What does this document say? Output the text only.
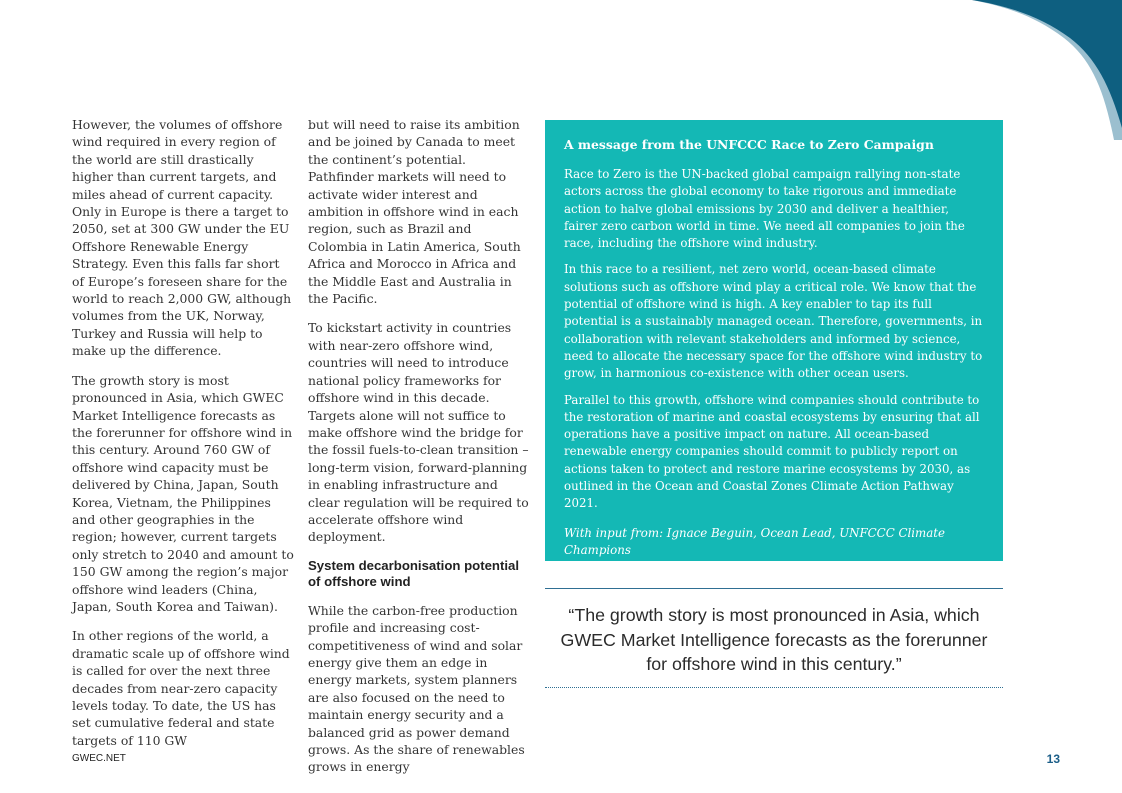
However, the volumes of offshore wind required in every region of the world are still drastically higher than current targets, and miles ahead of current capacity. Only in Europe is there a target to 2050, set at 300 GW under the EU Offshore Renewable Energy Strategy. Even this falls far short of Europe’s foreseen share for the world to reach 2,000 GW, although volumes from the UK, Norway, Turkey and Russia will help to make up the difference.

The growth story is most pronounced in Asia, which GWEC Market Intelligence forecasts as the forerunner for offshore wind in this century. Around 760 GW of offshore wind capacity must be delivered by China, Japan, South Korea, Vietnam, the Philippines and other geographies in the region; however, current targets only stretch to 2040 and amount to 150 GW among the region’s major offshore wind leaders (China, Japan, South Korea and Taiwan).

In other regions of the world, a dramatic scale up of offshore wind is called for over the next three decades from near-zero capacity levels today. To date, the US has set cumulative federal and state targets of 110 GW

but will need to raise its ambition and be joined by Canada to meet the continent’s potential. Pathfinder markets will need to activate wider interest and ambition in offshore wind in each region, such as Brazil and Colombia in Latin America, South Africa and Morocco in Africa and the Middle East and Australia in the Pacific.

To kickstart activity in countries with near-zero offshore wind, countries will need to introduce national policy frameworks for offshore wind in this decade. Targets alone will not suffice to make offshore wind the bridge for the fossil fuels-to-clean transition – long-term vision, forward-planning in enabling infrastructure and clear regulation will be required to accelerate offshore wind deployment.

System decarbonisation potential of offshore wind

While the carbon-free production profile and increasing cost-competitiveness of wind and solar energy give them an edge in energy markets, system planners are also focused on the need to maintain energy security and a balanced grid as power demand grows. As the share of renewables grows in energy

A message from the UNFCCC Race to Zero Campaign

Race to Zero is the UN-backed global campaign rallying non-state actors across the global economy to take rigorous and immediate action to halve global emissions by 2030 and deliver a healthier, fairer zero carbon world in time. We need all companies to join the race, including the offshore wind industry.

In this race to a resilient, net zero world, ocean-based climate solutions such as offshore wind play a critical role. We know that the potential of offshore wind is high. A key enabler to tap its full potential is a sustainably managed ocean. Therefore, governments, in collaboration with relevant stakeholders and informed by science, need to allocate the necessary space for the offshore wind industry to grow, in harmonious co-existence with other ocean users.

Parallel to this growth, offshore wind companies should contribute to the restoration of marine and coastal ecosystems by ensuring that all operations have a positive impact on nature. All ocean-based renewable energy companies should commit to publicly report on actions taken to protect and restore marine ecosystems by 2030, as outlined in the Ocean and Coastal Zones Climate Action Pathway 2021.

With input from: Ignace Beguin, Ocean Lead, UNFCCC Climate Champions

“The growth story is most pronounced in Asia, which GWEC Market Intelligence forecasts as the forerunner for offshore wind in this century.”
GWEC.NET	13
